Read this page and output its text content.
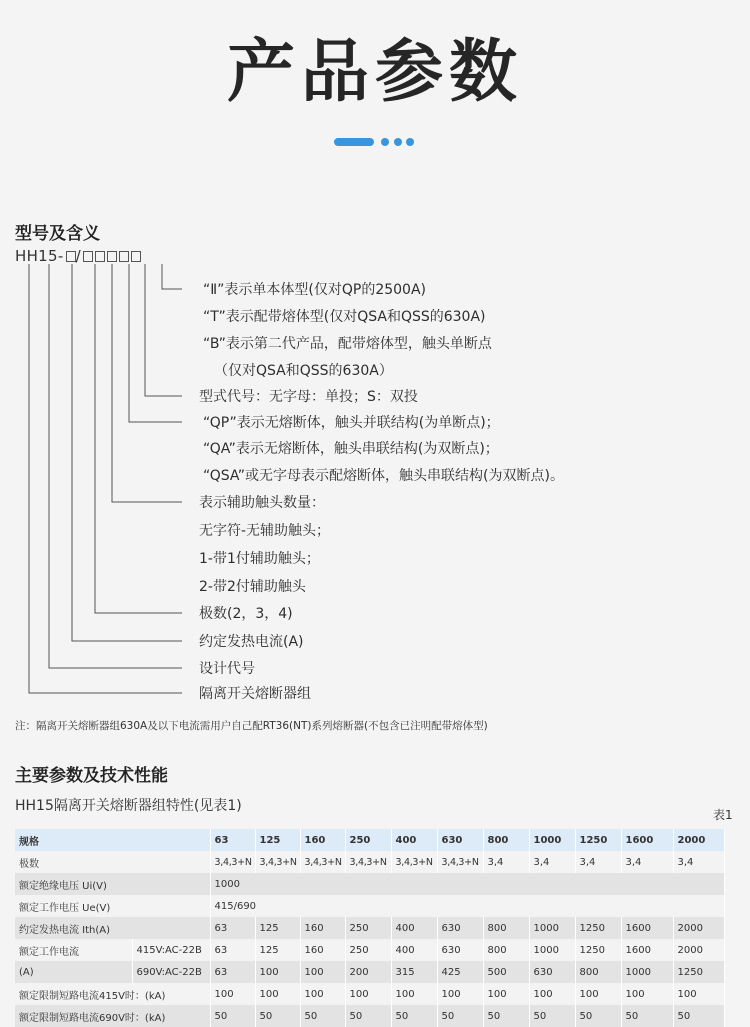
产品参数
型号及含义
HH15- /
“Ⅱ”表示单本体型(仅对QP的2500A)
“T”表示配带熔体型(仅对QSA和QSS的630A)
“B”表示第二代产品，配带熔体型，触头单断点
（仅对QSA和QSS的630A）
型式代号：无字母：单投；S：双投
“QP”表示无熔断体，触头并联结构(为单断点)；
“QA”表示无熔断体，触头串联结构(为双断点)；
“QSA”或无字母表示配熔断体，触头串联结构(为双断点)。
表示辅助触头数量：
无字符-无辅助触头；
1-带1付辅助触头；
2-带2付辅助触头
极数(2，3，4)
约定发热电流(A)
设计代号
隔离开关熔断器组
注：隔离开关熔断器组630A及以下电流需用户自己配RT36(NT)系列熔断器(不包含已注明配带熔体型)
主要参数及技术性能
HH15隔离开关熔断器组特性(见表1)
表1
规格		63	125	160	250	400	630	800	1000	1250	1600	2000
极数		3,4,3+N	3,4,3+N	3,4,3+N	3,4,3+N	3,4,3+N	3,4,3+N	3,4	3,4	3,4	3,4	3,4
额定绝缘电压 Ui(V)		1000										
额定工作电压 Ue(V)		415/690										
约定发热电流 Ith(A)		63	125	160	250	400	630	800	1000	1250	1600	2000
额定工作电流	415V:AC-22B	63	125	160	250	400	630	800	1000	1250	1600	2000
(A)	690V:AC-22B	63	100	100	200	315	425	500	630	800	1000	1250
额定限制短路电流415V时：(kA)		100	100	100	100	100	100	100	100	100	100	100
额定限制短路电流690V时：(kA)		50	50	50	50	50	50	50	50	50	50	50
